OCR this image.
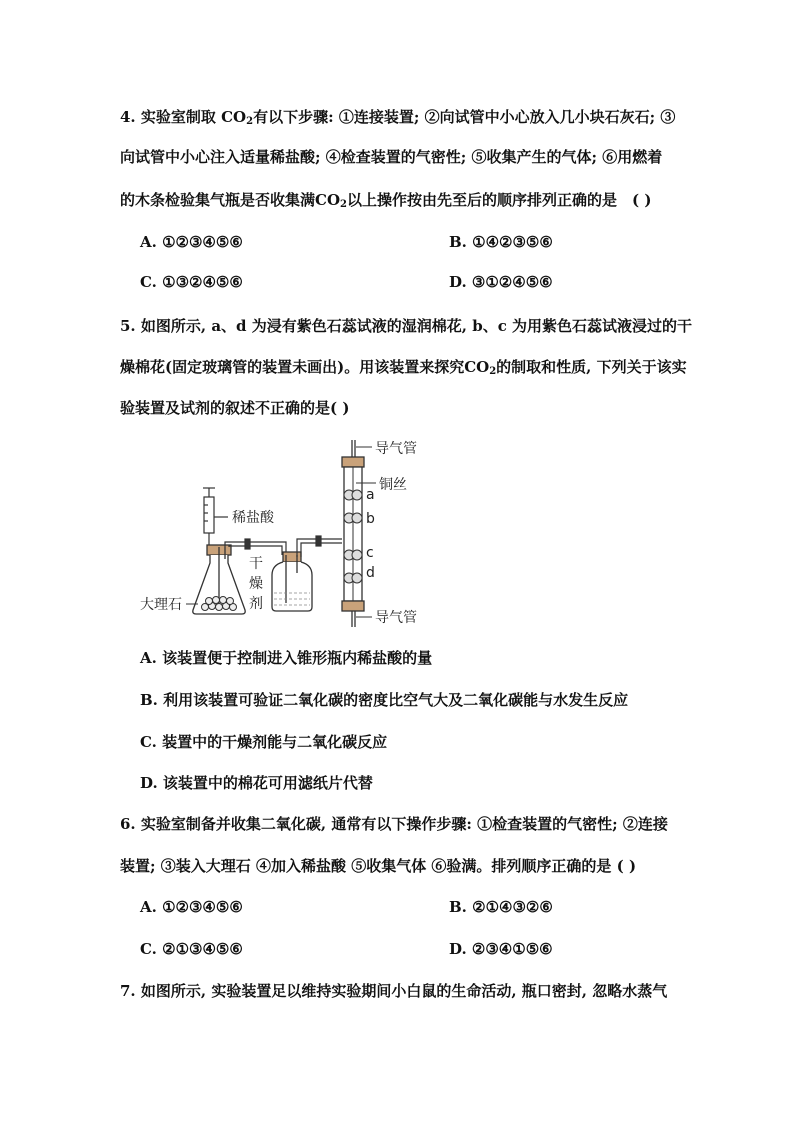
4. 实验室制取 $CO_2$有以下步骤: ①连接装置; ②向试管中小心放入几小块石灰石; ③
向试管中小心注入适量稀盐酸; ④检查装置的气密性; ⑤收集产生的气体; ⑥用燃着
的木条检验集气瓶是否收集满$CO_2$以上操作按由先至后的顺序排列正确的是 ( )
A. ①②③④⑤⑥	B. ①④②③⑤⑥
C. ①③②④⑤⑥	D. ③①②④⑤⑥
5. 如图所示, a、d 为浸有紫色石蕊试液的湿润棉花, b、c 为用紫色石蕊试液浸过的干
燥棉花(固定玻璃管的装置未画出)。用该装置来探究$CO_2$的制取和性质, 下列关于该实
验装置及试剂的叙述不正确的是( )
稀盐酸
大理石
干
燥
剂
导气管
铜丝
a
b
c
d
导气管
A. 该装置便于控制进入锥形瓶内稀盐酸的量
B. 利用该装置可验证二氧化碳的密度比空气大及二氧化碳能与水发生反应
C. 装置中的干燥剂能与二氧化碳反应
D. 该装置中的棉花可用滤纸片代替
6. 实验室制备并收集二氧化碳, 通常有以下操作步骤: ①检查装置的气密性; ②连接
装置; ③装入大理石 ④加入稀盐酸 ⑤收集气体 ⑥验满。排列顺序正确的是 ( )
A. ①②③④⑤⑥	B. ②①④③②⑥
C. ②①③④⑤⑥	D. ②③④①⑤⑥
7. 如图所示, 实验装置足以维持实验期间小白鼠的生命活动, 瓶口密封, 忽略水蒸气
